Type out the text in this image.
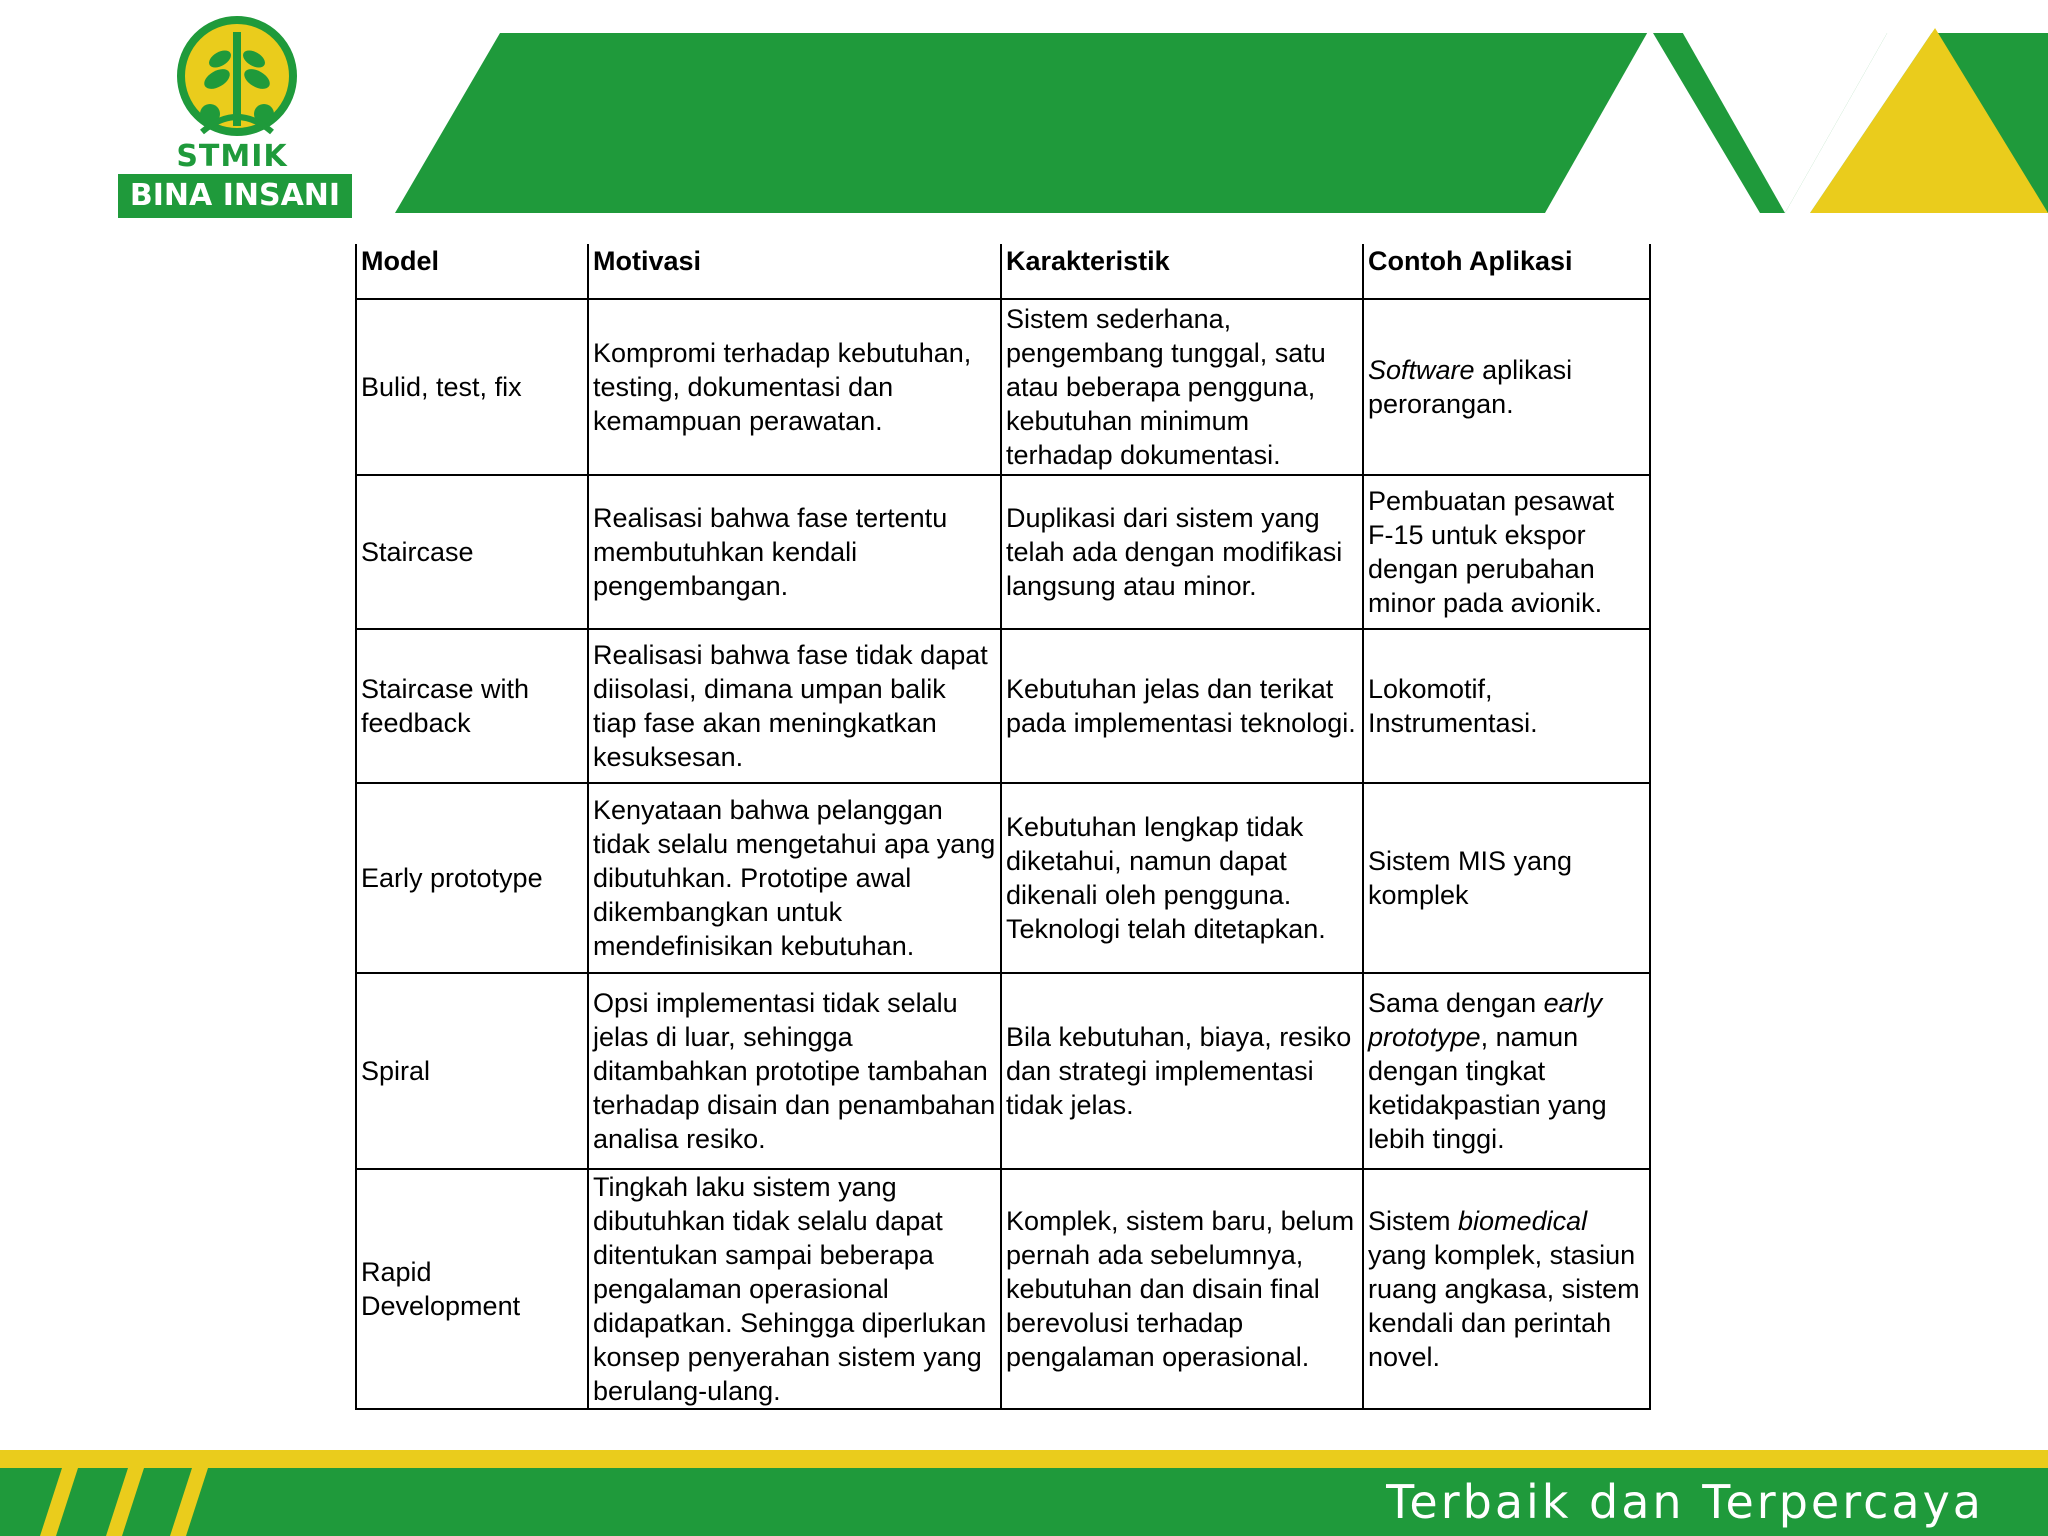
STMIK
BINA INSANI
Model	Motivasi	Karakteristik	Contoh Aplikasi
Bulid, test, fix	Kompromi terhadap kebutuhan, testing, dokumentasi dan kemampuan perawatan.	Sistem sederhana, pengembang tunggal, satu atau beberapa pengguna, kebutuhan minimum terhadap dokumentasi.	Software aplikasi perorangan.
Staircase	Realisasi bahwa fase tertentu membutuhkan kendali pengembangan.	Duplikasi dari sistem yang telah ada dengan modifikasi langsung atau minor.	Pembuatan pesawat F-15 untuk ekspor dengan perubahan minor pada avionik.
Staircase with feedback	Realisasi bahwa fase tidak dapat diisolasi, dimana umpan balik tiap fase akan meningkatkan kesuksesan.	Kebutuhan jelas dan terikat pada implementasi teknologi.	Lokomotif, Instrumentasi.
Early prototype	Kenyataan bahwa pelanggan tidak selalu mengetahui apa yang dibutuhkan. Prototipe awal dikembangkan untuk mendefinisikan kebutuhan.	Kebutuhan lengkap tidak diketahui, namun dapat dikenali oleh pengguna. Teknologi telah ditetapkan.	Sistem MIS yang komplek
Spiral	Opsi implementasi tidak selalu jelas di luar, sehingga ditambahkan prototipe tambahan terhadap disain dan penambahan analisa resiko.	Bila kebutuhan, biaya, resiko dan strategi implementasi tidak jelas.	Sama dengan early prototype, namun dengan tingkat ketidakpastian yang lebih tinggi.
Rapid Development	Tingkah laku sistem yang dibutuhkan tidak selalu dapat ditentukan sampai beberapa pengalaman operasional didapatkan. Sehingga diperlukan konsep penyerahan sistem yang berulang-ulang.	Komplek, sistem baru, belum pernah ada sebelumnya, kebutuhan dan disain final berevolusi terhadap pengalaman operasional.	Sistem biomedical yang komplek, stasiun ruang angkasa, sistem kendali dan perintah novel.
Terbaik dan Terpercaya
